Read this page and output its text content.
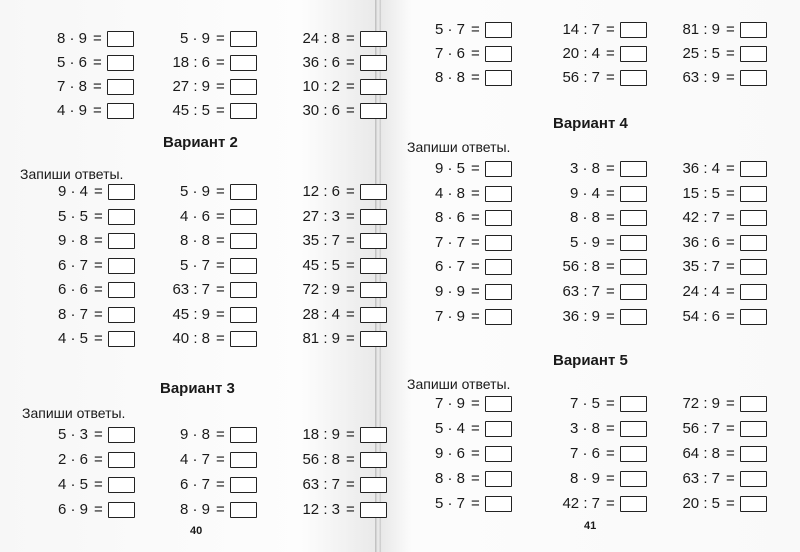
Вариант 2
Запиши ответы.
Вариант 3
Запиши ответы.
40
Вариант 4
Запиши ответы.
Вариант 5
Запиши ответы.
41
8 · 9 =	5 · 9 =	24 : 8 =
5 · 6 =	18 : 6 =	36 : 6 =
7 · 8 =	27 : 9 =	10 : 2 =
4 · 9 =	45 : 5 =	30 : 6 =
9 · 4 =	5 · 9 =	12 : 6 =
5 · 5 =	4 · 6 =	27 : 3 =
9 · 8 =	8 · 8 =	35 : 7 =
6 · 7 =	5 · 7 =	45 : 5 =
6 · 6 =	63 : 7 =	72 : 9 =
8 · 7 =	45 : 9 =	28 : 4 =
4 · 5 =	40 : 8 =	81 : 9 =
5 · 3 =	9 · 8 =	18 : 9 =
2 · 6 =	4 · 7 =	56 : 8 =
4 · 5 =	6 · 7 =	63 : 7 =
6 · 9 =	8 · 9 =	12 : 3 =
5 · 7 =	14 : 7 =	81 : 9 =
7 · 6 =	20 : 4 =	25 : 5 =
8 · 8 =	56 : 7 =	63 : 9 =
9 · 5 =	3 · 8 =	36 : 4 =
4 · 8 =	9 · 4 =	15 : 5 =
8 · 6 =	8 · 8 =	42 : 7 =
7 · 7 =	5 · 9 =	36 : 6 =
6 · 7 =	56 : 8 =	35 : 7 =
9 · 9 =	63 : 7 =	24 : 4 =
7 · 9 =	36 : 9 =	54 : 6 =
7 · 9 =	7 · 5 =	72 : 9 =
5 · 4 =	3 · 8 =	56 : 7 =
9 · 6 =	7 · 6 =	64 : 8 =
8 · 8 =	8 · 9 =	63 : 7 =
5 · 7 =	42 : 7 =	20 : 5 =
